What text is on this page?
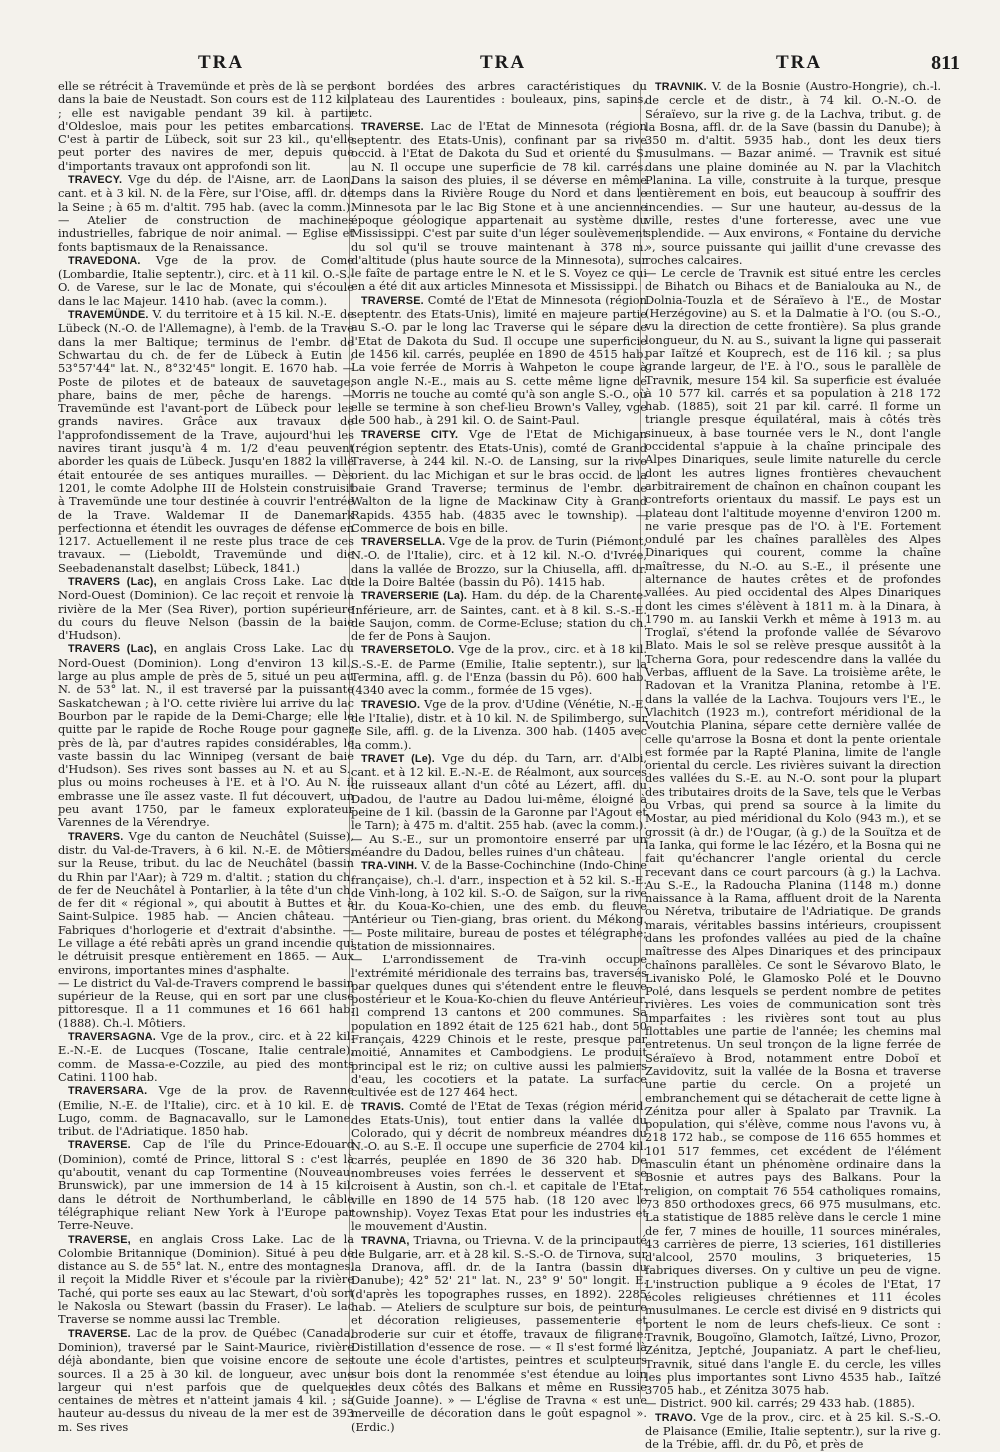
TRA	TRA	TRA	811

elle se rétrécit à Travemünde et près de là se perd dans la baie de Neustadt. Son cours est de 112 kil. ; elle est navigable pendant 39 kil. à partir d'Oldesloe, mais pour les petites embarcations. C'est à partir de Lübeck, soit sur 23 kil., qu'elle peut porter des navires de mer, depuis que d'importants travaux ont approfondi son lit.

TRAVECY. Vge du dép. de l'Aisne, arr. de Laon, cant. et à 3 kil. N. de la Fère, sur l'Oise, affl. dr. de la Seine ; à 65 m. d'altit. 795 hab. (avec la comm.). — Atelier de construction de machines industrielles, fabrique de noir animal. — Eglise et fonts baptismaux de la Renaissance.

TRAVEDONA. Vge de la prov. de Come (Lombardie, Italie septentr.), circ. et à 11 kil. O.-S.-O. de Varese, sur le lac de Monate, qui s'écoule dans le lac Majeur. 1410 hab. (avec la comm.).

TRAVEMÜNDE. V. du territoire et à 15 kil. N.-E. de Lübeck (N.-O. de l'Allemagne), à l'emb. de la Trave dans la mer Baltique; terminus de l'embr. de Schwartau du ch. de fer de Lübeck à Eutin ; 53°57'44" lat. N., 8°32'45" longit. E. 1670 hab. — Poste de pilotes et de bateaux de sauvetage, phare, bains de mer, pêche de harengs. — Travemünde est l'avant-port de Lübeck pour les grands navires. Grâce aux travaux de l'approfondissement de la Trave, aujourd'hui les navires tirant jusqu'à 4 m. 1/2 d'eau peuvent aborder les quais de Lübeck. Jusqu'en 1882 la ville était entourée de ses antiques murailles. — Dès 1201, le comte Adolphe III de Holstein construisit à Travemünde une tour destinée à couvrir l'entrée de la Trave. Waldemar II de Danemark perfectionna et étendit les ouvrages de défense en 1217. Actuellement il ne reste plus trace de ces travaux. — (Lieboldt, Travemünde und die Seebadenanstalt daselbst; Lübeck, 1841.)

TRAVERS (Lac), en anglais Cross Lake. Lac du Nord-Ouest (Dominion). Ce lac reçoit et renvoie la rivière de la Mer (Sea River), portion supérieure du cours du fleuve Nelson (bassin de la baie d'Hudson).

TRAVERS (Lac), en anglais Cross Lake. Lac du Nord-Ouest (Dominion). Long d'environ 13 kil., large au plus ample de près de 5, situé un peu au N. de 53° lat. N., il est traversé par la puissante Saskatchewan ; à l'O. cette rivière lui arrive du lac Bourbon par le rapide de la Demi-Charge; elle le quitte par le rapide de Roche Rouge pour gagner près de là, par d'autres rapides considérables, le vaste bassin du lac Winnipeg (versant de baie d'Hudson). Ses rives sont basses au N. et au S., plus ou moins rocheuses à l'E. et à l'O. Au N. il embrasse une île assez vaste. Il fut découvert, un peu avant 1750, par le fameux explorateur Varennes de la Vérendrye.

TRAVERS. Vge du canton de Neuchâtel (Suisse), distr. du Val-de-Travers, à 6 kil. N.-E. de Môtiers, sur la Reuse, tribut. du lac de Neuchâtel (bassin du Rhin par l'Aar); à 729 m. d'altit. ; station du ch. de fer de Neuchâtel à Pontarlier, à la tête d'un ch. de fer dit « régional », qui aboutit à Buttes et à Saint-Sulpice. 1985 hab. — Ancien château. — Fabriques d'horlogerie et d'extrait d'absinthe. — Le village a été rebâti après un grand incendie qui le détruisit presque entièrement en 1865. — Aux environs, importantes mines d'asphalte.

— Le district du Val-de-Travers comprend le bassin supérieur de la Reuse, qui en sort par une cluse pittoresque. Il a 11 communes et 16 661 hab. (1888). Ch.-l. Môtiers.

TRAVERSAGNA. Vge de la prov., circ. et à 22 kil. E.-N.-E. de Lucques (Toscane, Italie centrale), comm. de Massa-e-Cozzile, au pied des monts Catini. 1100 hab.

TRAVERSARA. Vge de la prov. de Ravenne (Emilie, N.-E. de l'Italie), circ. et à 10 kil. E. de Lugo, comm. de Bagnacavallo, sur le Lamone, tribut. de l'Adriatique. 1850 hab.

TRAVERSE. Cap de l'île du Prince-Edouard (Dominion), comté de Prince, littoral S : c'est là qu'aboutit, venant du cap Tormentine (Nouveau-Brunswick), par une immersion de 14 à 15 kil. dans le détroit de Northumberland, le câble télégraphique reliant New York à l'Europe par Terre-Neuve.

TRAVERSE, en anglais Cross Lake. Lac de la Colombie Britannique (Dominion). Situé à peu de distance au S. de 55° lat. N., entre des montagnes, il reçoit la Middle River et s'écoule par la rivière Taché, qui porte ses eaux au lac Stewart, d'où sort le Nakosla ou Stewart (bassin du Fraser). Le lac Traverse se nomme aussi lac Tremble.

TRAVERSE. Lac de la prov. de Québec (Canada, Dominion), traversé par le Saint-Maurice, rivière déjà abondante, bien que voisine encore de ses sources. Il a 25 à 30 kil. de longueur, avec une largeur qui n'est parfois que de quelques centaines de mètres et n'atteint jamais 4 kil. ; sa hauteur au-dessus du niveau de la mer est de 393 m. Ses rives

sont bordées des arbres caractéristiques du plateau des Laurentides : bouleaux, pins, sapins, etc.

TRAVERSE. Lac de l'Etat de Minnesota (région septentr. des Etats-Unis), confinant par sa rive occid. à l'Etat de Dakota du Sud et orienté du S. au N. Il occupe une superficie de 78 kil. carrés. Dans la saison des pluies, il se déverse en même temps dans la Rivière Rouge du Nord et dans le Minnesota par le lac Big Stone et à une ancienne époque géologique appartenait au système du Mississippi. C'est par suite d'un léger soulèvement du sol qu'il se trouve maintenant à 378 m. d'altitude (plus haute source de la Minnesota), sur le faîte de partage entre le N. et le S. Voyez ce qui en a été dit aux articles Minnesota et Mississippi.

TRAVERSE. Comté de l'Etat de Minnesota (région septentr. des Etats-Unis), limité en majeure partie au S.-O. par le long lac Traverse qui le sépare de l'Etat de Dakota du Sud. Il occupe une superficie de 1456 kil. carrés, peuplée en 1890 de 4515 hab. La voie ferrée de Morris à Wahpeton le coupe à son angle N.-E., mais au S. cette même ligne de Morris ne touche au comté qu'à son angle S.-O., où elle se termine à son chef-lieu Brown's Valley, vge de 500 hab., à 291 kil. O. de Saint-Paul.

TRAVERSE CITY. Vge de l'Etat de Michigan (région septentr. des Etats-Unis), comté de Grand Traverse, à 244 kil. N.-O. de Lansing, sur la rive orient. du lac Michigan et sur le bras occid. de la baie Grand Traverse; terminus de l'embr. de Walton de la ligne de Mackinaw City à Grand Rapids. 4355 hab. (4835 avec le township). — Commerce de bois en bille.

TRAVERSELLA. Vge de la prov. de Turin (Piémont, N.-O. de l'Italie), circ. et à 12 kil. N.-O. d'Ivrée, dans la vallée de Brozzo, sur la Chiusella, affl. dr. de la Doire Baltée (bassin du Pô). 1415 hab.

TRAVERSERIE (La). Ham. du dép. de la Charente-Inférieure, arr. de Saintes, cant. et à 8 kil. S.-S.-E. de Saujon, comm. de Corme-Ecluse; station du ch. de fer de Pons à Saujon.

TRAVERSETOLO. Vge de la prov., circ. et à 18 kil. S.-S.-E. de Parme (Emilie, Italie septentr.), sur la Termina, affl. g. de l'Enza (bassin du Pô). 600 hab. (4340 avec la comm., formée de 15 vges).

TRAVESIO. Vge de la prov. d'Udine (Vénétie, N.-E. de l'Italie), distr. et à 10 kil. N. de Spilimbergo, sur le Sile, affl. g. de la Livenza. 300 hab. (1405 avec la comm.).

TRAVET (Le). Vge du dép. du Tarn, arr. d'Albi, cant. et à 12 kil. E.-N.-E. de Réalmont, aux sources de ruisseaux allant d'un côté au Lézert, affl. du Dadou, de l'autre au Dadou lui-même, éloigné à peine de 1 kil. (bassin de la Garonne par l'Agout et le Tarn); à 475 m. d'altit. 255 hab. (avec la comm.). — Au S.-E., sur un promontoire enserré par un méandre du Dadou, belles ruines d'un château.

TRA-VINH. V. de la Basse-Cochinchine (Indo-Chine française), ch.-l. d'arr., inspection et à 52 kil. S.-E. de Vinh-long, à 102 kil. S.-O. de Saïgon, sur la rive dr. du Koua-Ko-chien, une des emb. du fleuve Antérieur ou Tien-giang, bras orient. du Mékong. — Poste militaire, bureau de postes et télégraphe; station de missionnaires.

— L'arrondissement de Tra-vinh occupe l'extrémité méridionale des terrains bas, traversés par quelques dunes qui s'étendent entre le fleuve postérieur et le Koua-Ko-chien du fleuve Antérieur. Il comprend 13 cantons et 200 communes. Sa population en 1892 était de 125 621 hab., dont 50 Français, 4229 Chinois et le reste, presque par moitié, Annamites et Cambodgiens. Le produit principal est le riz; on cultive aussi les palmiers d'eau, les cocotiers et la patate. La surface cultivée est de 127 464 hect.

TRAVIS. Comté de l'Etat de Texas (région mérid. des Etats-Unis), tout entier dans la vallée du Colorado, qui y décrit de nombreux méandres du N.-O. au S.-E. Il occupe une superficie de 2704 kil. carrés, peuplée en 1890 de 36 320 hab. De nombreuses voies ferrées le desservent et se croisent à Austin, son ch.-l. et capitale de l'Etat, ville en 1890 de 14 575 hab. (18 120 avec le township). Voyez Texas Etat pour les industries et le mouvement d'Austin.

TRAVNA, Triavna, ou Trievna. V. de la principauté de Bulgarie, arr. et à 28 kil. S.-S.-O. de Tirnova, sur la Dranova, affl. dr. de la Iantra (bassin du Danube); 42° 52' 21" lat. N., 23° 9' 50" longit. E. (d'après les topographes russes, en 1892). 2285 hab. — Ateliers de sculpture sur bois, de peinture et décoration religieuses, passementerie et broderie sur cuir et étoffe, travaux de filigrane. Distillation d'essence de rose. — « Il s'est formé là toute une école d'artistes, peintres et sculpteurs sur bois dont la renommée s'est étendue au loin des deux côtés des Balkans et même en Russie (Guide Joanne). » — L'église de Travna « est une merveille de décoration dans le goût espagnol ». (Erdic.)

TRAVNIK. V. de la Bosnie (Austro-Hongrie), ch.-l. de cercle et de distr., à 74 kil. O.-N.-O. de Séraïevo, sur la rive g. de la Lachva, tribut. g. de la Bosna, affl. dr. de la Save (bassin du Danube); à 350 m. d'altit. 5935 hab., dont les deux tiers musulmans. — Bazar animé. — Travnik est situé dans une plaine dominée au N. par la Vlachitch Planina. La ville, construite à la turque, presque entièrement en bois, eut beaucoup à souffrir des incendies. — Sur une hauteur, au-dessus de la ville, restes d'une forteresse, avec une vue splendide. — Aux environs, « Fontaine du derviche », source puissante qui jaillit d'une crevasse des roches calcaires.

— Le cercle de Travnik est situé entre les cercles de Bihatch ou Bihacs et de Banialouka au N., de Dolnia-Touzla et de Séraïevo à l'E., de Mostar (Herzégovine) au S. et la Dalmatie à l'O. (ou S.-O., vu la direction de cette frontière). Sa plus grande longueur, du N. au S., suivant la ligne qui passerait par Iaïtzé et Kouprech, est de 116 kil. ; sa plus grande largeur, de l'E. à l'O., sous le parallèle de Travnik, mesure 154 kil. Sa superficie est évaluée à 10 577 kil. carrés et sa population à 218 172 hab. (1885), soit 21 par kil. carré. Il forme un triangle presque équilatéral, mais à côtés très sinueux, à base tournée vers le N., dont l'angle occidental s'appuie à la chaîne principale des Alpes Dinariques, seule limite naturelle du cercle dont les autres lignes frontières chevauchent arbitrairement de chaînon en chaînon coupant les contreforts orientaux du massif. Le pays est un plateau dont l'altitude moyenne d'environ 1200 m. ne varie presque pas de l'O. à l'E. Fortement ondulé par les chaînes parallèles des Alpes Dinariques qui courent, comme la chaîne maîtresse, du N.-O. au S.-E., il présente une alternance de hautes crêtes et de profondes vallées. Au pied occidental des Alpes Dinariques dont les cimes s'élèvent à 1811 m. à la Dinara, à 1790 m. au Ianskii Verkh et même à 1913 m. au Troglaï, s'étend la profonde vallée de Sévarovo Blato. Mais le sol se relève presque aussitôt à la Tcherna Gora, pour redescendre dans la vallée du Verbas, affluent de la Save. La troisième arête, le Radovan et la Vranitza Planina, retombe à l'E. dans la vallée de la Lachva. Toujours vers l'E., le Vlachitch (1923 m.), contrefort méridional de la Voutchia Planina, sépare cette dernière vallée de celle qu'arrose la Bosna et dont la pente orientale est formée par la Rapté Planina, limite de l'angle oriental du cercle. Les rivières suivant la direction des vallées du S.-E. au N.-O. sont pour la plupart des tributaires droits de la Save, tels que le Verbas ou Vrbas, qui prend sa source à la limite du Mostar, au pied méridional du Kolo (943 m.), et se grossit (à dr.) de l'Ougar, (à g.) de la Souïtza et de la Ianka, qui forme le lac Iézéro, et la Bosna qui ne fait qu'échancrer l'angle oriental du cercle recevant dans ce court parcours (à g.) la Lachva. Au S.-E., la Radoucha Planina (1148 m.) donne naissance à la Rama, affluent droit de la Narenta ou Néretva, tributaire de l'Adriatique. De grands marais, véritables bassins intérieurs, croupissent dans les profondes vallées au pied de la chaîne maîtresse des Alpes Dinariques et des principaux chaînons parallèles. Ce sont le Sévarovo Blato, le Livanisko Polé, le Glamosko Polé et le Douvno Polé, dans lesquels se perdent nombre de petites rivières. Les voies de communication sont très imparfaites : les rivières sont tout au plus flottables une partie de l'année; les chemins mal entretenus. Un seul tronçon de la ligne ferrée de Séraïevo à Brod, notamment entre Doboï et Zavidovitz, suit la vallée de la Bosna et traverse une partie du cercle. On a projeté un embranchement qui se détacherait de cette ligne à Zénitza pour aller à Spalato par Travnik. La population, qui s'élève, comme nous l'avons vu, à 218 172 hab., se compose de 116 655 hommes et 101 517 femmes, cet excédent de l'élément masculin étant un phénomène ordinaire dans la Bosnie et autres pays des Balkans. Pour la religion, on comptait 76 554 catholiques romains, 73 850 orthodoxes grecs, 66 975 musulmans, etc. La statistique de 1885 relève dans le cercle 1 mine de fer, 7 mines de houille, 11 sources minérales, 43 carrières de pierre, 13 scieries, 161 distilleries d'alcool, 2570 moulins, 3 briqueteries, 15 fabriques diverses. On y cultive un peu de vigne. L'instruction publique a 9 écoles de l'Etat, 17 écoles religieuses chrétiennes et 111 écoles musulmanes. Le cercle est divisé en 9 districts qui portent le nom de leurs chefs-lieux. Ce sont : Travnik, Bougoïno, Glamotch, Iaïtzé, Livno, Prozor, Zénitza, Jeptché, Joupaniatz. A part le chef-lieu, Travnik, situé dans l'angle E. du cercle, les villes les plus importantes sont Livno 4535 hab., Iaïtzé 3705 hab., et Zénitza 3075 hab.

— District. 900 kil. carrés; 29 433 hab. (1885).

TRAVO. Vge de la prov., circ. et à 25 kil. S.-S.-O. de Plaisance (Emilie, Italie septentr.), sur la rive g. de la Trébie, affl. dr. du Pô, et près de
